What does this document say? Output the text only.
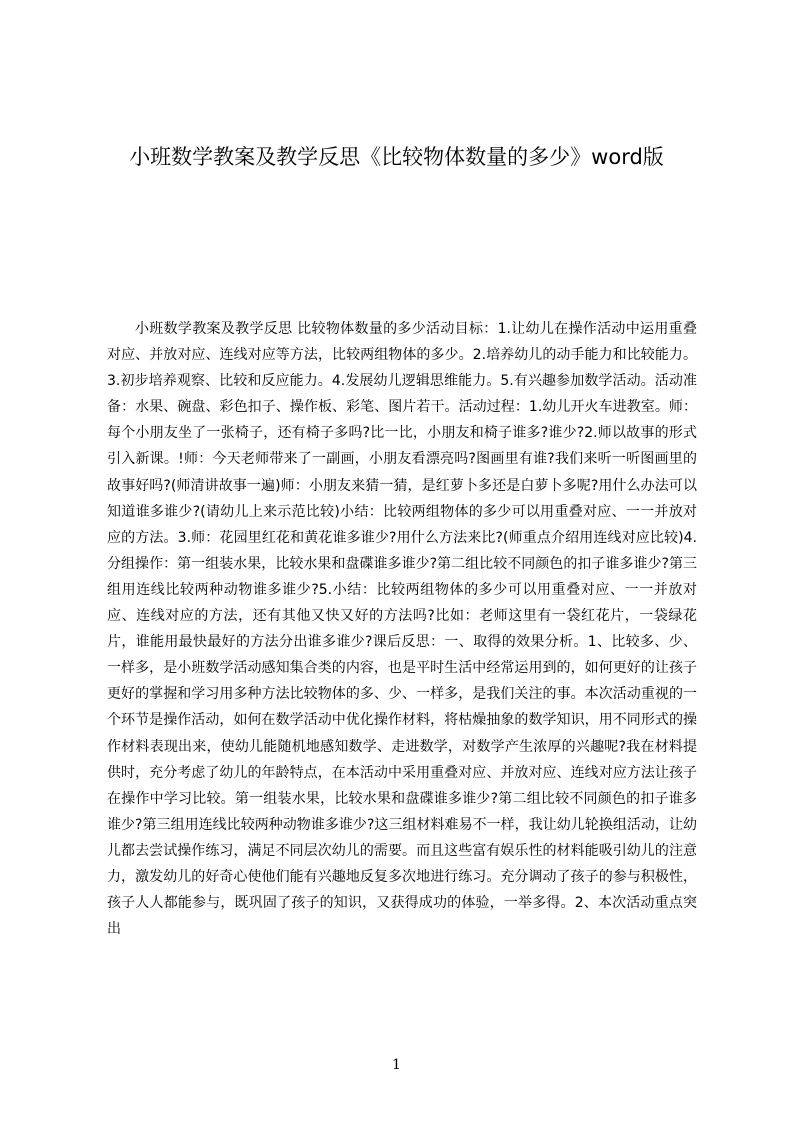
小班数学教案及教学反思《比较物体数量的多少》word版

小班数学教案及教学反思 比较物体数量的多少活动目标：1.让幼儿在操作活动中运用重叠对应、并放对应、连线对应等方法，比较两组物体的多少。2.培养幼儿的动手能力和比较能力。3.初步培养观察、比较和反应能力。4.发展幼儿逻辑思维能力。5.有兴趣参加数学活动。活动准备：水果、碗盘、彩色扣子、操作板、彩笔、图片若干。活动过程：1.幼儿开火车进教室。师：每个小朋友坐了一张椅子，还有椅子多吗?比一比，小朋友和椅子谁多?谁少?2.师以故事的形式引入新课。!师：今天老师带来了一副画，小朋友看漂亮吗?图画里有谁?我们来听一听图画里的故事好吗?(师清讲故事一遍)师：小朋友来猜一猜，是红萝卜多还是白萝卜多呢?用什么办法可以知道谁多谁少?(请幼儿上来示范比较)小结：比较两组物体的多少可以用重叠对应、一一并放对应的方法。3.师：花园里红花和黄花谁多谁少?用什么方法来比?(师重点介绍用连线对应比较)4.分组操作：第一组装水果，比较水果和盘碟谁多谁少?第二组比较不同颜色的扣子谁多谁少?第三组用连线比较两种动物谁多谁少?5.小结：比较两组物体的多少可以用重叠对应、一一并放对应、连线对应的方法，还有其他又快又好的方法吗?比如：老师这里有一袋红花片，一袋绿花片，谁能用最快最好的方法分出谁多谁少?课后反思：一、取得的效果分析。1、比较多、少、一样多，是小班数学活动感知集合类的内容，也是平时生活中经常运用到的，如何更好的让孩子更好的掌握和学习用多种方法比较物体的多、少、一样多，是我们关注的事。本次活动重视的一个环节是操作活动，如何在数学活动中优化操作材料，将枯燥抽象的数学知识，用不同形式的操作材料表现出来，使幼儿能随机地感知数学、走进数学，对数学产生浓厚的兴趣呢?我在材料提供时，充分考虑了幼儿的年龄特点，在本活动中采用重叠对应、并放对应、连线对应方法让孩子在操作中学习比较。第一组装水果，比较水果和盘碟谁多谁少?第二组比较不同颜色的扣子谁多谁少?第三组用连线比较两种动物谁多谁少?这三组材料难易不一样，我让幼儿轮换组活动，让幼儿都去尝试操作练习，满足不同层次幼儿的需要。而且这些富有娱乐性的材料能吸引幼儿的注意力，激发幼儿的好奇心使他们能有兴趣地反复多次地进行练习。充分调动了孩子的参与积极性，孩子人人都能参与，既巩固了孩子的知识，又获得成功的体验，一举多得。2、本次活动重点突出

1
